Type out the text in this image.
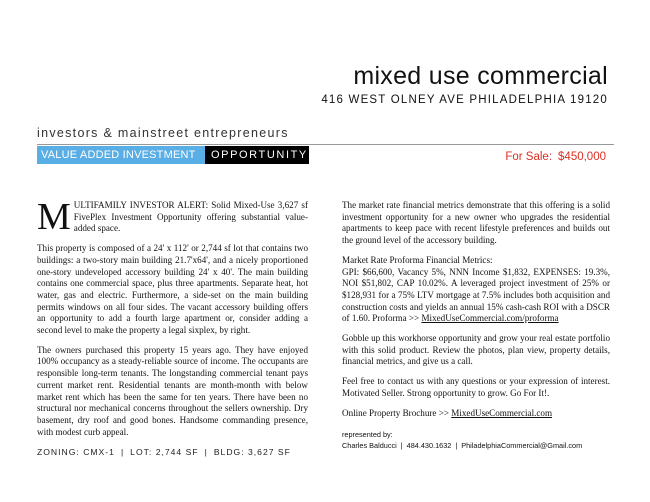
mixed use commercial
416 WEST OLNEY AVE PHILADELPHIA 19120
investors & mainstreet entrepreneurs
VALUE ADDED INVESTMENT	OPPORTUNITY	For Sale: $450,000

MULTIFAMILY INVESTOR ALERT: Solid Mixed-Use 3,627 sf FivePlex Investment Opportunity offering substantial value-added space.

This property is composed of a 24' x 112' or 2,744 sf lot that contains two buildings: a two-story main building 21.7'x64', and a nicely proportioned one-story undeveloped accessory building 24' x 40'. The main building contains one commercial space, plus three apartments. Separate heat, hot water, gas and electric. Furthermore, a side-set on the main building permits windows on all four sides. The vacant accessory building offers an opportunity to add a fourth large apartment or, consider adding a second level to make the property a legal sixplex, by right.

The owners purchased this property 15 years ago. They have enjoyed 100% occupancy as a steady-reliable source of income. The occupants are responsible long-term tenants. The longstanding commercial tenant pays current market rent. Residential tenants are month-month with below market rent which has been the same for ten years. There have been no structural nor mechanical concerns throughout the sellers ownership. Dry basement, dry roof and good bones. Handsome commanding presence, with modest curb appeal.

ZONING: CMX-1 | LOT: 2,744 SF | BLDG: 3,627 SF

The market rate financial metrics demonstrate that this offering is a solid investment opportunity for a new owner who upgrades the residential apartments to keep pace with recent lifestyle preferences and builds out the ground level of the accessory building.

Market Rate Proforma Financial Metrics:
GPI: $66,600, Vacancy 5%, NNN Income $1,832, EXPENSES: 19.3%, NOI $51,802, CAP 10.02%. A leveraged project investment of 25% or $128,931 for a 75% LTV mortgage at 7.5% includes both acquisition and construction costs and yields an annual 15% cash-cash ROI with a DSCR of 1.60. Proforma >> MixedUseCommercial.com/proforma

Gobble up this workhorse opportunity and grow your real estate portfolio with this solid product. Review the photos, plan view, property details, financial metrics, and give us a call.

Feel free to contact us with any questions or your expression of interest. Motivated Seller. Strong opportunity to grow. Go For It!.

Online Property Brochure >> MixedUseCommercial.com

represented by:
Charles Balducci | 484.430.1632 | PhiladelphiaCommercial@Gmail.com
